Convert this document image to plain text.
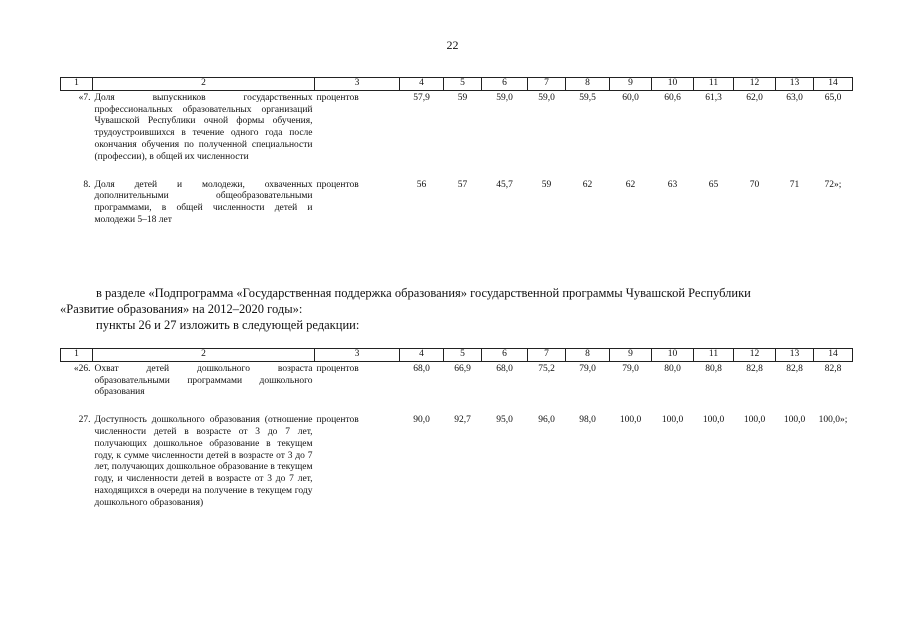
22
1	2	3	4	5	6	7	8	9	10	11	12	13	14
«7.	Доля выпускников государственных профессиональных образовательных организаций Чувашской Республики очной формы обучения, трудоустроившихся в течение одного года после окончания обучения по полученной специальности (профессии), в общей их численности	процентов	57,9	59	59,0	59,0	59,5	60,0	60,6	61,3	62,0	63,0	65,0

8.	Доля детей и молодежи, охваченных дополнительными общеобразовательными программами, в общей численности детей и молодежи 5–18 лет	процентов	56	57	45,7	59	62	62	63	65	70	71	72»;
в разделе «Подпрограмма «Государственная поддержка образования» государственной программы Чувашской Республики
«Развитие образования» на 2012–2020 годы»:
пункты 26 и 27 изложить в следующей редакции:
1	2	3	4	5	6	7	8	9	10	11	12	13	14
«26.	Охват детей дошкольного возраста образовательными программами дошкольного образования	процентов	68,0	66,9	68,0	75,2	79,0	79,0	80,0	80,8	82,8	82,8	82,8

27.	Доступность дошкольного образования (отношение численности детей в возрасте от 3 до 7 лет, получающих дошкольное образование в текущем году, к сумме численности детей в возрасте от 3 до 7 лет, получающих дошкольное образование в текущем году, и численности детей в возрасте от 3 до 7 лет, находящихся в очереди на получение в текущем году дошкольного образования)	процентов	90,0	92,7	95,0	96,0	98,0	100,0	100,0	100,0	100,0	100,0	100,0»;
